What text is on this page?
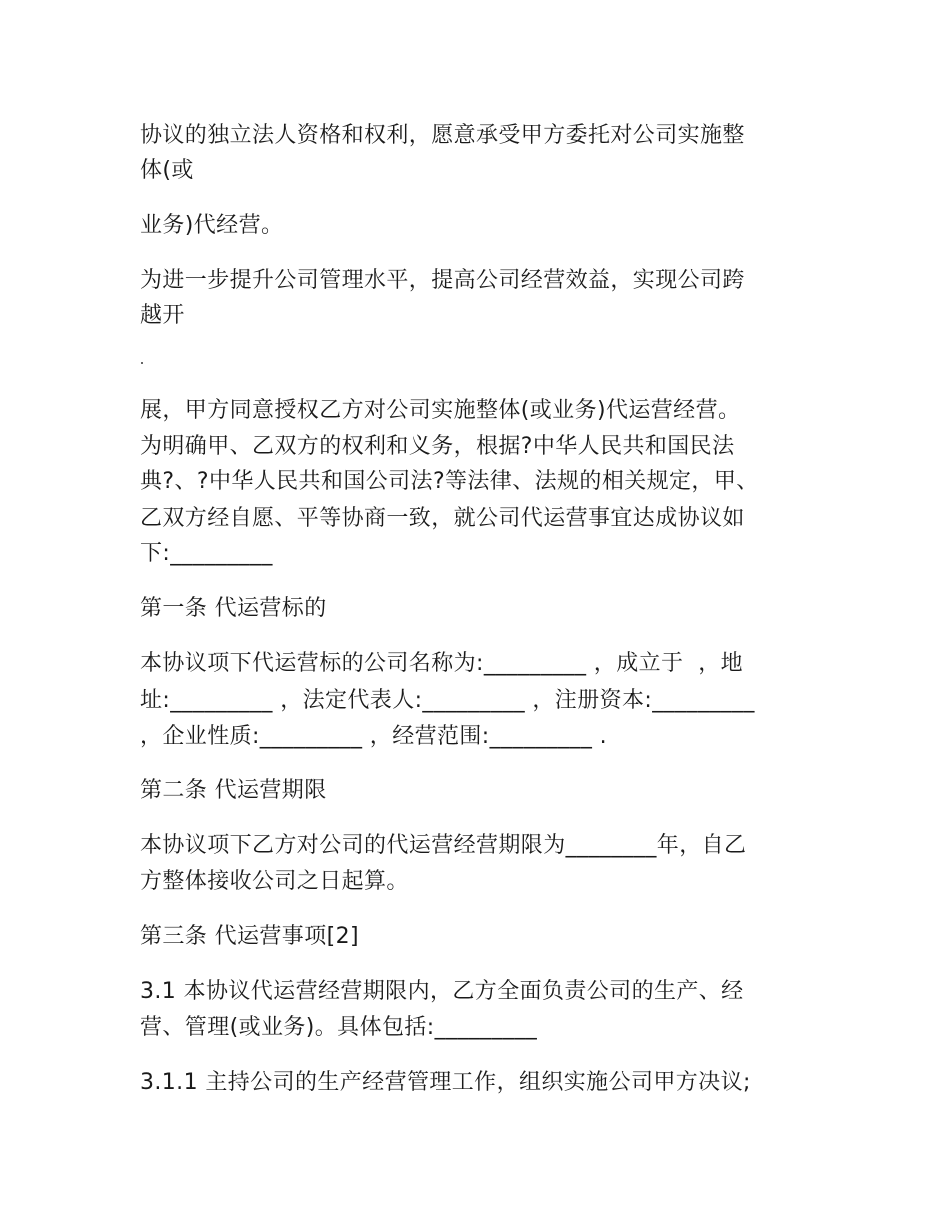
协议的独立法人资格和权利，愿意承受甲方委托对公司实施整
体(或
业务)代经营。
为进一步提升公司管理水平，提高公司经营效益，实现公司跨
越开
展，甲方同意授权乙方对公司实施整体(或业务)代运营经营。
为明确甲、乙双方的权利和义务，根据?中华人民共和国民法
典?、?中华人民共和国公司法?等法律、法规的相关规定，甲、
乙双方经自愿、平等协商一致，就公司代运营事宜达成协议如
下:_________
第一条 代运营标的
本协议项下代运营标的公司名称为:_________ ，成立于  ，地
址:_________ ，法定代表人:_________ ，注册资本:_________
，企业性质:_________ ，经营范围:_________ .
第二条 代运营期限
本协议项下乙方对公司的代运营经营期限为________年，自乙
方整体接收公司之日起算。
第三条 代运营事项[2]
3.1 本协议代运营经营期限内，乙方全面负责公司的生产、经
营、管理(或业务)。具体包括:_________
3.1.1 主持公司的生产经营管理工作，组织实施公司甲方决议;
